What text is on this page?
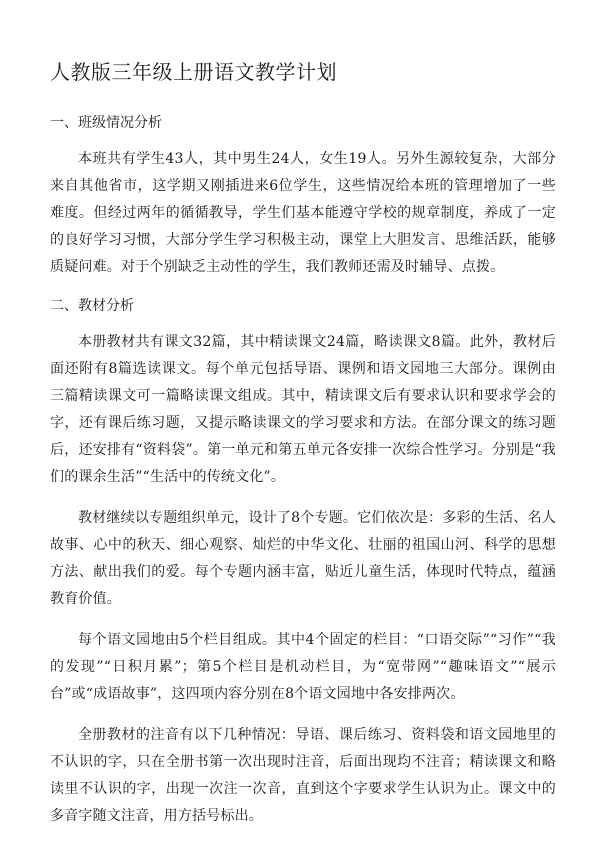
人教版三年级上册语文教学计划
一、班级情况分析

本班共有学生43人，其中男生24人，女生19人。另外生源较复杂，大部分来自其他省市，这学期又刚插进来6位学生，这些情况给本班的管理增加了一些难度。但经过两年的循循教导，学生们基本能遵守学校的规章制度，养成了一定的良好学习习惯，大部分学生学习积极主动，课堂上大胆发言、思维活跃，能够质疑问难。对于个别缺乏主动性的学生，我们教师还需及时辅导、点拨。

二、教材分析

本册教材共有课文32篇，其中精读课文24篇，略读课文8篇。此外，教材后面还附有8篇选读课文。每个单元包括导语、课例和语文园地三大部分。课例由三篇精读课文可一篇略读课文组成。其中，精读课文后有要求认识和要求学会的字，还有课后练习题，又提示略读课文的学习要求和方法。在部分课文的练习题后，还安排有“资料袋”。第一单元和第五单元各安排一次综合性学习。分别是“我们的课余生活”“生活中的传统文化”。

教材继续以专题组织单元，设计了8个专题。它们依次是：多彩的生活、名人故事、心中的秋天、细心观察、灿烂的中华文化、壮丽的祖国山河、科学的思想方法、献出我们的爱。每个专题内涵丰富，贴近儿童生活，体现时代特点，蕴涵教育价值。

每个语文园地由5个栏目组成。其中4个固定的栏目：“口语交际”“习作”“我的发现”“日积月累”；第5个栏目是机动栏目，为“宽带网”“趣味语文”“展示台”或“成语故事”，这四项内容分别在8个语文园地中各安排两次。

全册教材的注音有以下几种情况：导语、课后练习、资料袋和语文园地里的不认识的字，只在全册书第一次出现时注音，后面出现均不注音；精读课文和略读里不认识的字，出现一次注一次音，直到这个字要求学生认识为止。课文中的多音字随文注音，用方括号标出。
